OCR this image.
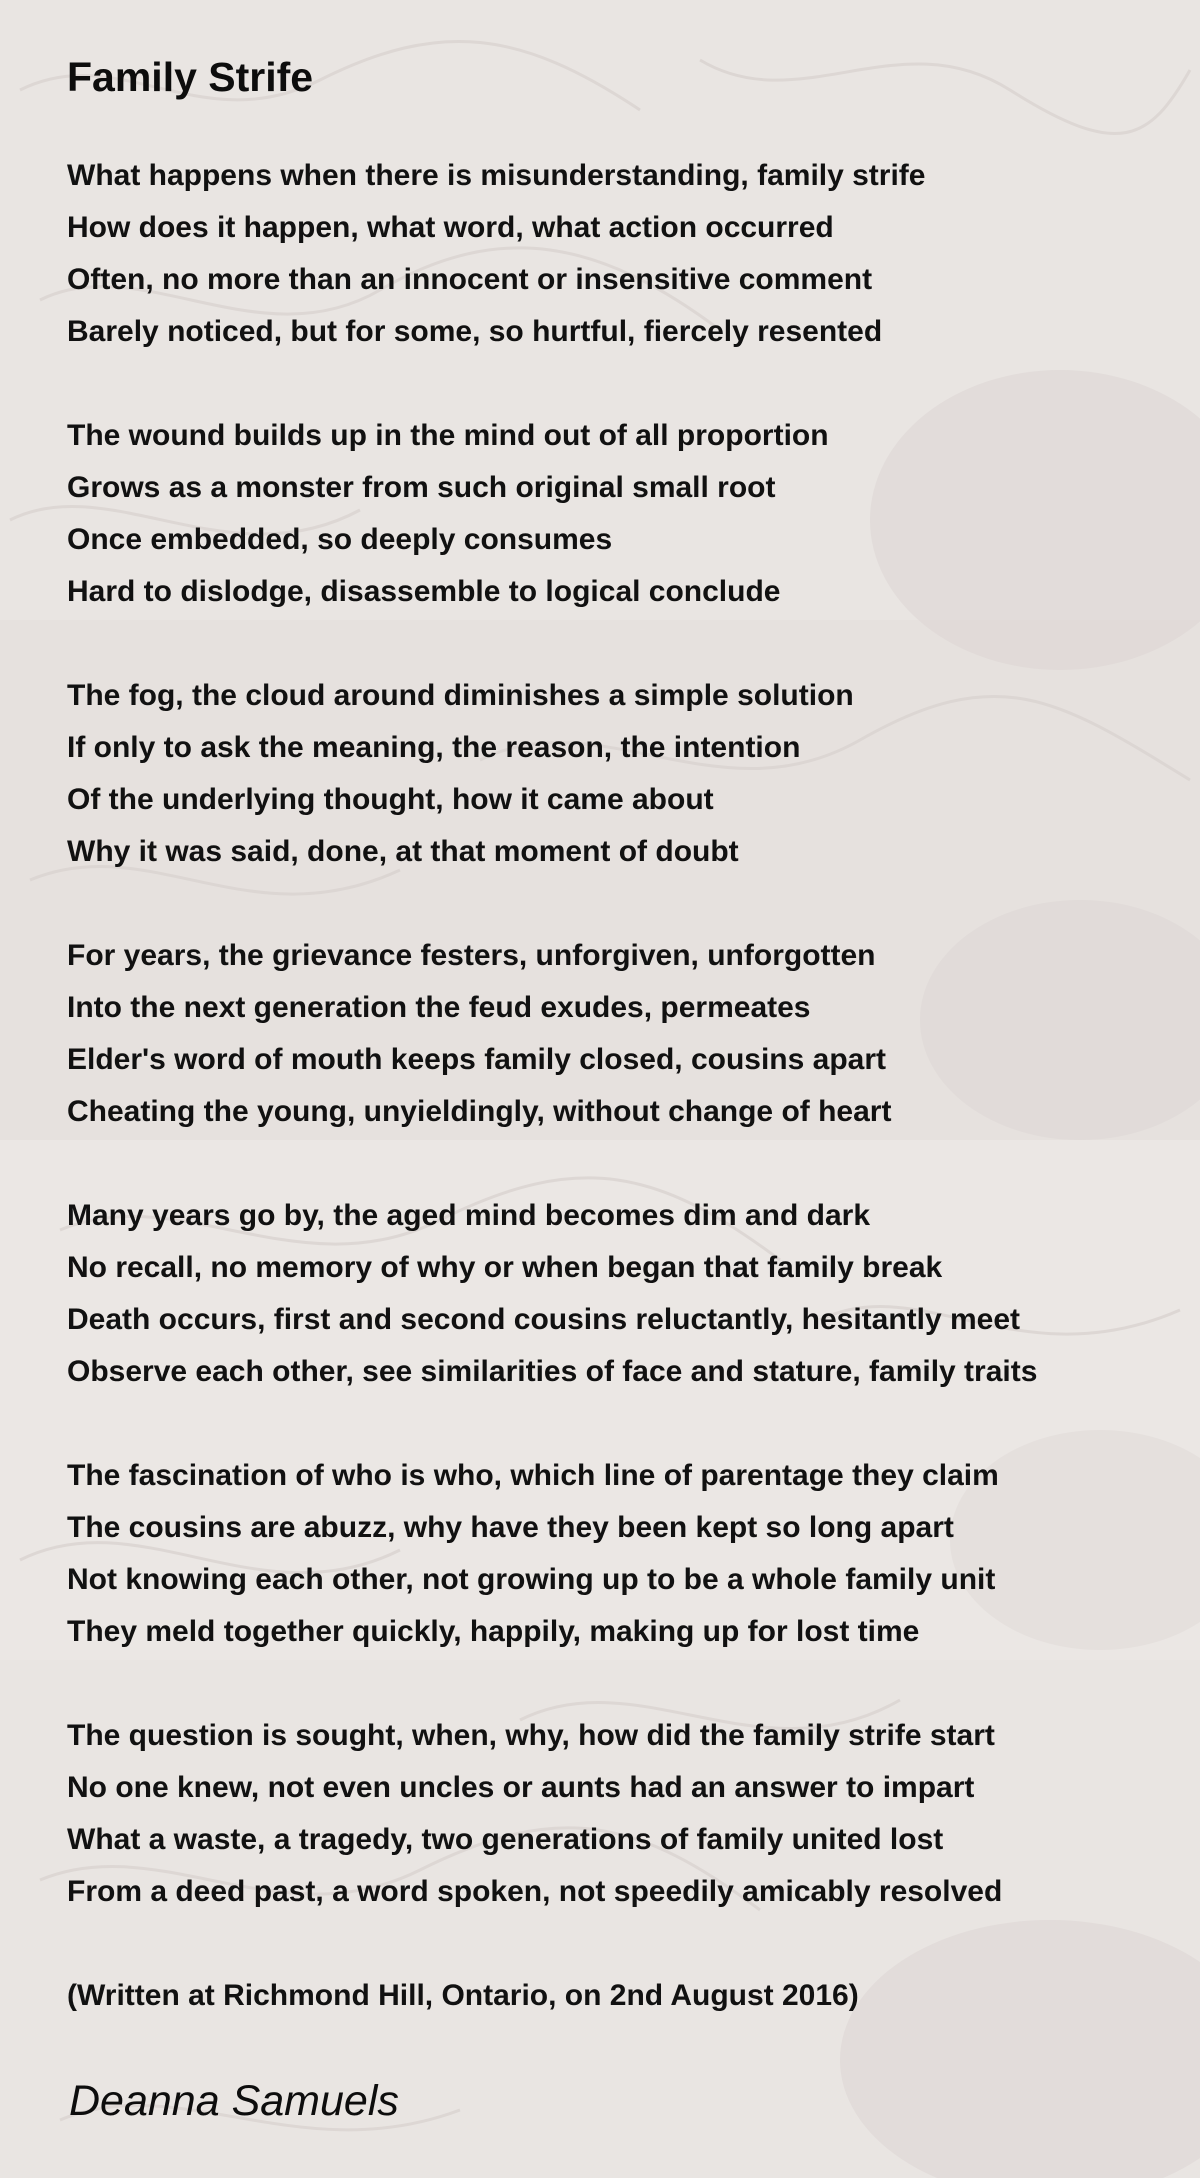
Family Strife
What happens when there is misunderstanding, family strife
How does it happen, what word, what action occurred
Often, no more than an innocent or insensitive comment
Barely noticed, but for some, so hurtful, fiercely resented
The wound builds up in the mind out of all proportion
Grows as a monster from such original small root
Once embedded, so deeply consumes
Hard to dislodge, disassemble to logical conclude
The fog, the cloud around diminishes a simple solution
If only to ask the meaning, the reason, the intention
Of the underlying thought, how it came about
Why it was said, done, at that moment of doubt
For years, the grievance festers, unforgiven, unforgotten
Into the next generation the feud exudes, permeates
Elder's word of mouth keeps family closed, cousins apart
Cheating the young, unyieldingly, without change of heart
Many years go by, the aged mind becomes dim and dark
No recall, no memory of why or when began that family break
Death occurs, first and second cousins reluctantly, hesitantly meet
Observe each other, see similarities of face and stature, family traits
The fascination of who is who, which line of parentage they claim
The cousins are abuzz, why have they been kept so long apart
Not knowing each other, not growing up to be a whole family unit
They meld together quickly, happily, making up for lost time
The question is sought, when, why, how did the family strife start
No one knew, not even uncles or aunts had an answer to impart
What a waste, a tragedy, two generations of family united lost
From a deed past, a word spoken, not speedily amicably resolved
(Written at Richmond Hill, Ontario, on 2nd August 2016)
Deanna Samuels
